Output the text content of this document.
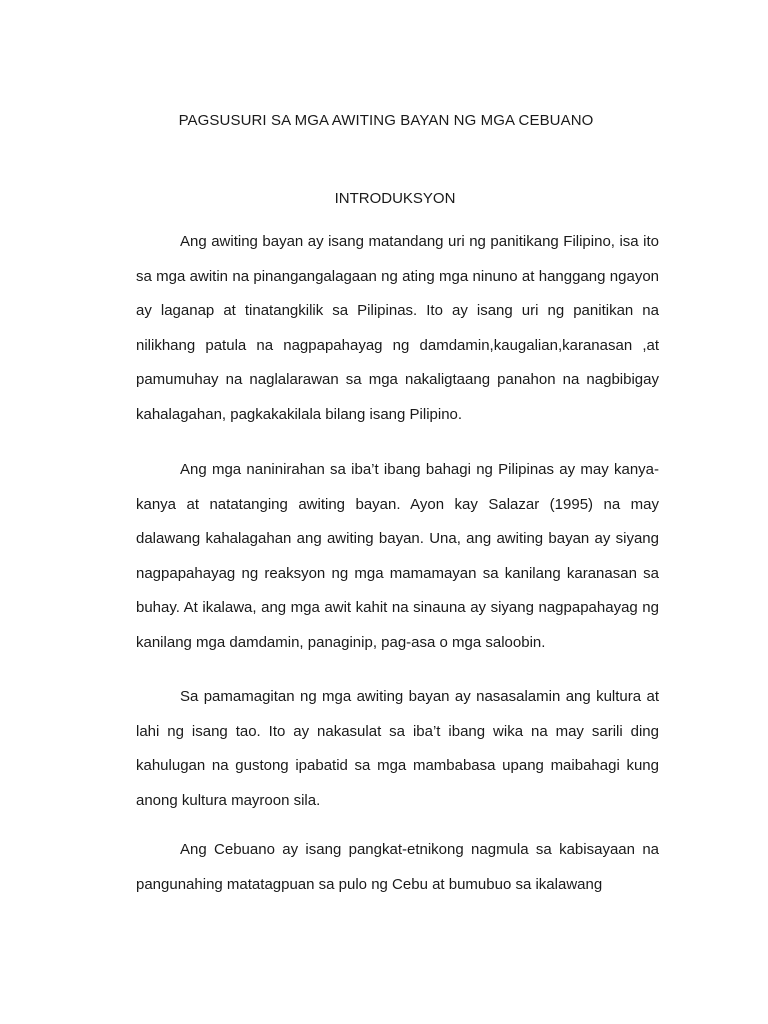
PAGSUSURI SA MGA AWITING BAYAN NG MGA CEBUANO
INTRODUKSYON

Ang awiting bayan ay isang matandang uri ng panitikang Filipino, isa ito sa mga awitin na pinangangalagaan ng ating mga ninuno at hanggang ngayon ay laganap at tinatangkilik sa Pilipinas. Ito ay isang uri ng panitikan na nilikhang patula na nagpapahayag ng damdamin,kaugalian,karanasan ,at pamumuhay na naglalarawan sa mga nakaligtaang panahon na nagbibigay kahalagahan, pagkakakilala bilang isang Pilipino.

Ang mga naninirahan sa iba’t ibang bahagi ng Pilipinas ay may kanya-kanya at natatanging awiting bayan. Ayon kay Salazar (1995) na may dalawang kahalagahan ang awiting bayan. Una, ang awiting bayan ay siyang nagpapahayag ng reaksyon ng mga mamamayan sa kanilang karanasan sa buhay. At ikalawa, ang mga awit kahit na sinauna ay siyang nagpapahayag ng kanilang mga damdamin, panaginip, pag-asa o mga saloobin.

Sa pamamagitan ng mga awiting bayan ay nasasalamin ang kultura at lahi ng isang tao. Ito ay nakasulat sa iba’t ibang wika na may sarili ding kahulugan na gustong ipabatid sa mga mambabasa upang maibahagi kung anong kultura mayroon sila.

Ang Cebuano ay isang pangkat-etnikong nagmula sa kabisayaan na pangunahing matatagpuan sa pulo ng Cebu at bumubuo sa ikalawang
